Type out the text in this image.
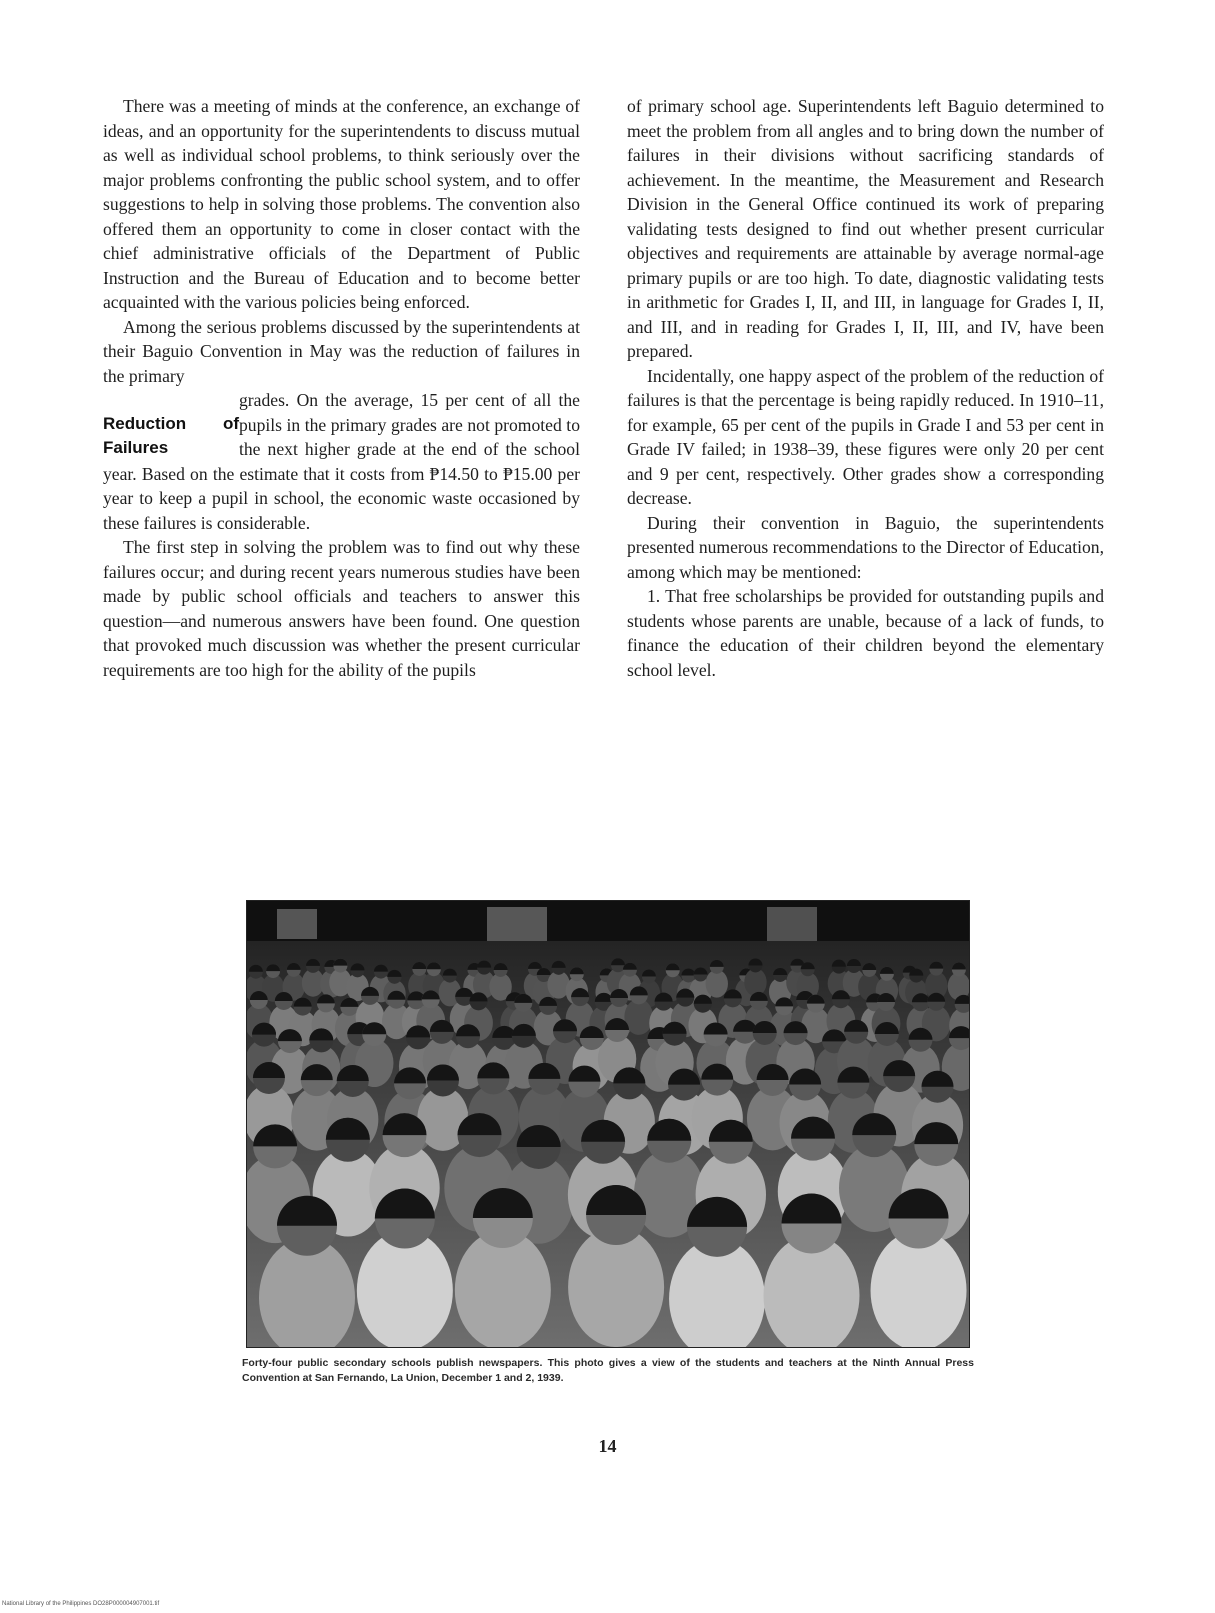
There was a meeting of minds at the conference, an exchange of ideas, and an opportunity for the superintendents to discuss mutual as well as individual school problems, to think seriously over the major problems confronting the public school system, and to offer suggestions to help in solving those problems. The convention also offered them an opportunity to come in closer contact with the chief administrative officials of the Department of Public Instruction and the Bureau of Education and to become better acquainted with the various policies being enforced.

Among the serious problems discussed by the superintendents at their Baguio Convention in May was the reduction of failures in the primary

Reduction of Failures

grades. On the average, 15 per cent of all the pupils in the primary grades are not promoted to the next higher grade at the end of the school year. Based on the estimate that it costs from ₱14.50 to ₱15.00 per year to keep a pupil in school, the economic waste occasioned by these failures is considerable.

The first step in solving the problem was to find out why these failures occur; and during recent years numerous studies have been made by public school officials and teachers to answer this question—and numerous answers have been found. One question that provoked much discussion was whether the present curricular requirements are too high for the ability of the pupils

of primary school age. Superintendents left Baguio determined to meet the problem from all angles and to bring down the number of failures in their divisions without sacrificing standards of achievement. In the meantime, the Measurement and Research Division in the General Office continued its work of preparing validating tests designed to find out whether present curricular objectives and requirements are attainable by average normal-age primary pupils or are too high. To date, diagnostic validating tests in arithmetic for Grades I, II, and III, in language for Grades I, II, and III, and in reading for Grades I, II, III, and IV, have been prepared.

Incidentally, one happy aspect of the problem of the reduction of failures is that the percentage is being rapidly reduced. In 1910–11, for example, 65 per cent of the pupils in Grade I and 53 per cent in Grade IV failed; in 1938–39, these figures were only 20 per cent and 9 per cent, respectively. Other grades show a corresponding decrease.

During their convention in Baguio, the superintendents presented numerous recommendations to the Director of Education, among which may be mentioned:

1. That free scholarships be provided for outstanding pupils and students whose parents are unable, because of a lack of funds, to finance the education of their children beyond the elementary school level.

Forty-four public secondary schools publish newspapers. This photo gives a view of the students and teachers at the Ninth Annual Press Convention at San Fernando, La Union, December 1 and 2, 1939.
14
National Library of the Philippines DO28P000004907001.tif
